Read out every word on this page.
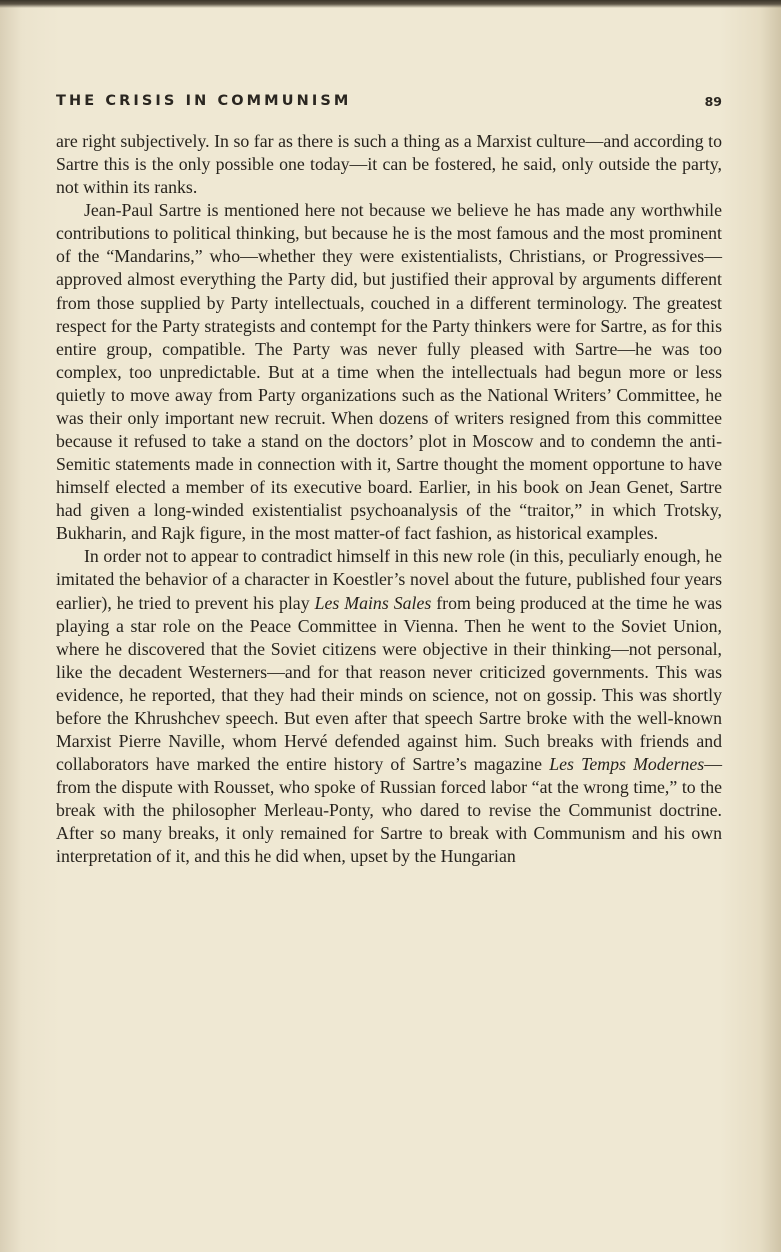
THE CRISIS IN COMMUNISM	89

are right subjectively. In so far as there is such a thing as a Marxist culture—and according to Sartre this is the only possible one today—it can be fostered, he said, only outside the party, not within its ranks.

Jean-Paul Sartre is mentioned here not because we believe he has made any worthwhile contributions to political thinking, but because he is the most famous and the most prominent of the “Mandarins,” who—whether they were existentialists, Christians, or Progressives—approved almost everything the Party did, but justified their approval by arguments different from those supplied by Party intellectuals, couched in a different terminology. The greatest respect for the Party strategists and contempt for the Party thinkers were for Sartre, as for this entire group, compatible. The Party was never fully pleased with Sartre—he was too complex, too unpredictable. But at a time when the intellectuals had begun more or less quietly to move away from Party organizations such as the National Writers’ Committee, he was their only important new recruit. When dozens of writers resigned from this committee because it refused to take a stand on the doctors’ plot in Moscow and to condemn the anti-Semitic statements made in connection with it, Sartre thought the moment opportune to have himself elected a member of its executive board. Earlier, in his book on Jean Genet, Sartre had given a long-winded existentialist psychoanalysis of the “traitor,” in which Trotsky, Bukharin, and Rajk figure, in the most matter-of fact fashion, as historical examples.

In order not to appear to contradict himself in this new role (in this, peculiarly enough, he imitated the behavior of a character in Koestler’s novel about the future, published four years earlier), he tried to prevent his play Les Mains Sales from being produced at the time he was playing a star role on the Peace Committee in Vienna. Then he went to the Soviet Union, where he discovered that the Soviet citizens were objective in their thinking—not personal, like the decadent Westerners—and for that reason never criticized governments. This was evidence, he reported, that they had their minds on science, not on gossip. This was shortly before the Khrushchev speech. But even after that speech Sartre broke with the well-known Marxist Pierre Naville, whom Hervé defended against him. Such breaks with friends and collaborators have marked the entire history of Sartre’s magazine Les Temps Modernes—from the dispute with Rousset, who spoke of Russian forced labor “at the wrong time,” to the break with the philosopher Merleau-Ponty, who dared to revise the Communist doctrine. After so many breaks, it only remained for Sartre to break with Communism and his own interpretation of it, and this he did when, upset by the Hungarian
